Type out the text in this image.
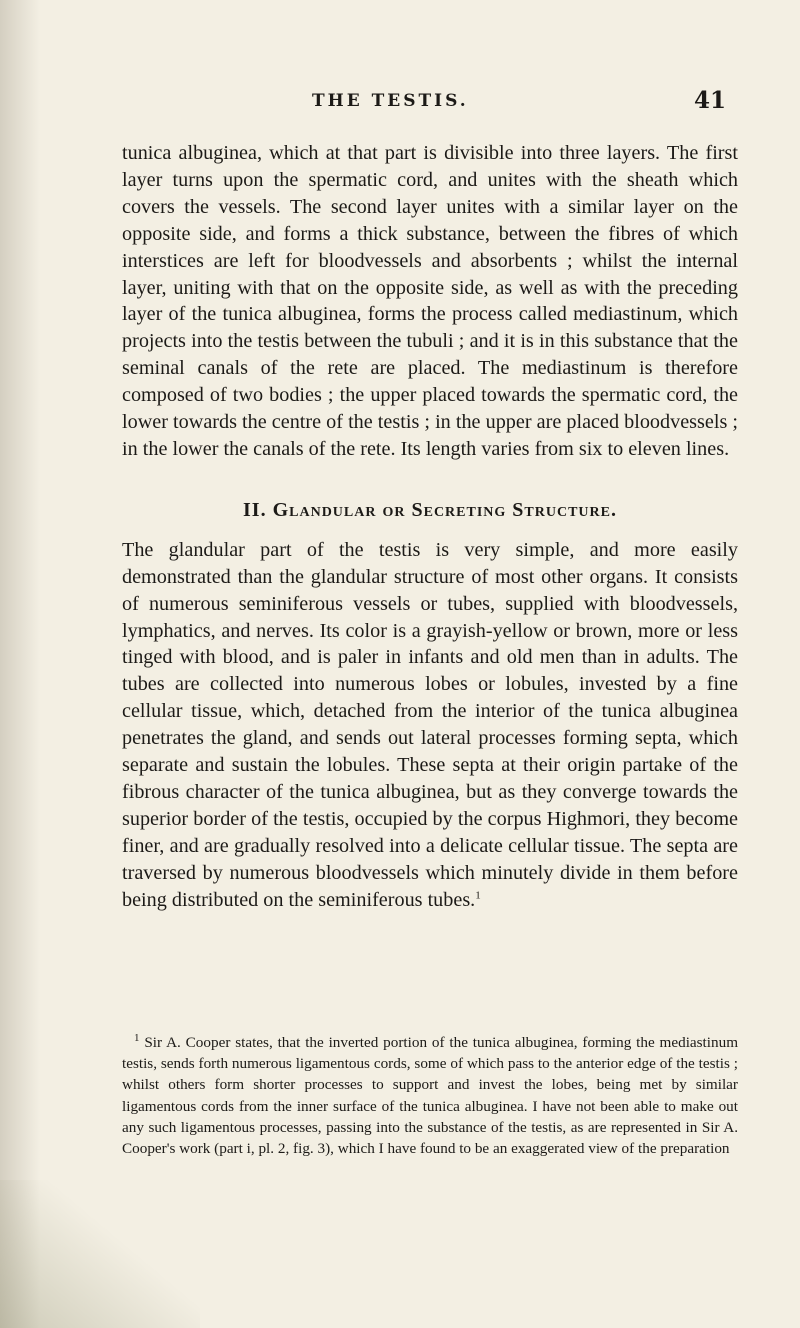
THE TESTIS.	41

tunica albuginea, which at that part is divisible into three layers. The first layer turns upon the spermatic cord, and unites with the sheath which covers the vessels. The second layer unites with a similar layer on the opposite side, and forms a thick substance, between the fibres of which interstices are left for bloodvessels and absorbents ; whilst the internal layer, uniting with that on the opposite side, as well as with the preceding layer of the tunica albuginea, forms the process called mediastinum, which projects into the testis between the tubuli ; and it is in this substance that the seminal canals of the rete are placed. The mediastinum is therefore composed of two bodies ; the upper placed towards the spermatic cord, the lower towards the centre of the testis ; in the upper are placed bloodvessels ; in the lower the canals of the rete. Its length varies from six to eleven lines.

II. Glandular or Secreting Structure.

The glandular part of the testis is very simple, and more easily demonstrated than the glandular structure of most other organs. It consists of numerous seminiferous vessels or tubes, supplied with bloodvessels, lymphatics, and nerves. Its color is a grayish-yellow or brown, more or less tinged with blood, and is paler in infants and old men than in adults. The tubes are collected into numerous lobes or lobules, invested by a fine cellular tissue, which, detached from the interior of the tunica albuginea penetrates the gland, and sends out lateral processes forming septa, which separate and sustain the lobules. These septa at their origin partake of the fibrous character of the tunica albuginea, but as they converge towards the superior border of the testis, occupied by the corpus Highmori, they become finer, and are gradually resolved into a delicate cellular tissue. The septa are traversed by numerous bloodvessels which minutely divide in them before being distributed on the seminiferous tubes.$^1$

$^1$ Sir A. Cooper states, that the inverted portion of the tunica albuginea, forming the mediastinum testis, sends forth numerous ligamentous cords, some of which pass to the anterior edge of the testis ; whilst others form shorter processes to support and invest the lobes, being met by similar ligamentous cords from the inner surface of the tunica albuginea. I have not been able to make out any such ligamentous processes, passing into the substance of the testis, as are represented in Sir A. Cooper's work (part i, pl. 2, fig. 3), which I have found to be an exaggerated view of the preparation
